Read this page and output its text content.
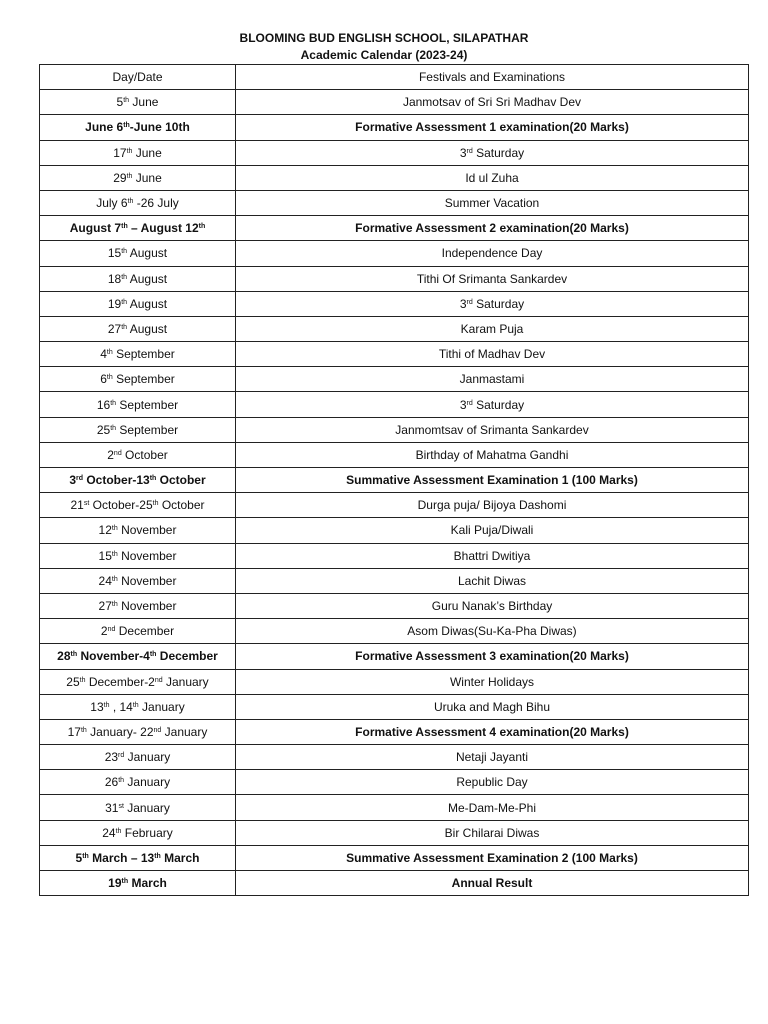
BLOOMING BUD ENGLISH SCHOOL, SILAPATHAR
Academic Calendar (2023-24)
Day/Date	Festivals and Examinations
5th June	Janmotsav of Sri Sri Madhav Dev
June 6th-June 10th	Formative Assessment 1 examination(20 Marks)
17th June	3rd Saturday
29th June	Id ul Zuha
July 6th -26 July	Summer Vacation
August 7th – August 12th	Formative Assessment 2 examination(20 Marks)
15th August	Independence Day
18th August	Tithi Of Srimanta Sankardev
19th August	3rd Saturday
27th August	Karam Puja
4th September	Tithi of Madhav Dev
6th September	Janmastami
16th September	3rd Saturday
25th September	Janmomtsav of Srimanta Sankardev
2nd October	Birthday of Mahatma Gandhi
3rd October-13th October	Summative Assessment Examination 1 (100 Marks)
21st October-25th October	Durga puja/ Bijoya Dashomi
12th November	Kali Puja/Diwali
15th November	Bhattri Dwitiya
24th November	Lachit Diwas
27th November	Guru Nanak’s Birthday
2nd December	Asom Diwas(Su-Ka-Pha Diwas)
28th November-4th December	Formative Assessment 3 examination(20 Marks)
25th December-2nd January	Winter Holidays
13th , 14th January	Uruka and Magh Bihu
17th January- 22nd January	Formative Assessment 4 examination(20 Marks)
23rd January	Netaji Jayanti
26th January	Republic Day
31st January	Me-Dam-Me-Phi
24th February	Bir Chilarai Diwas
5th March – 13th March	Summative Assessment Examination 2 (100 Marks)
19th March	Annual Result
